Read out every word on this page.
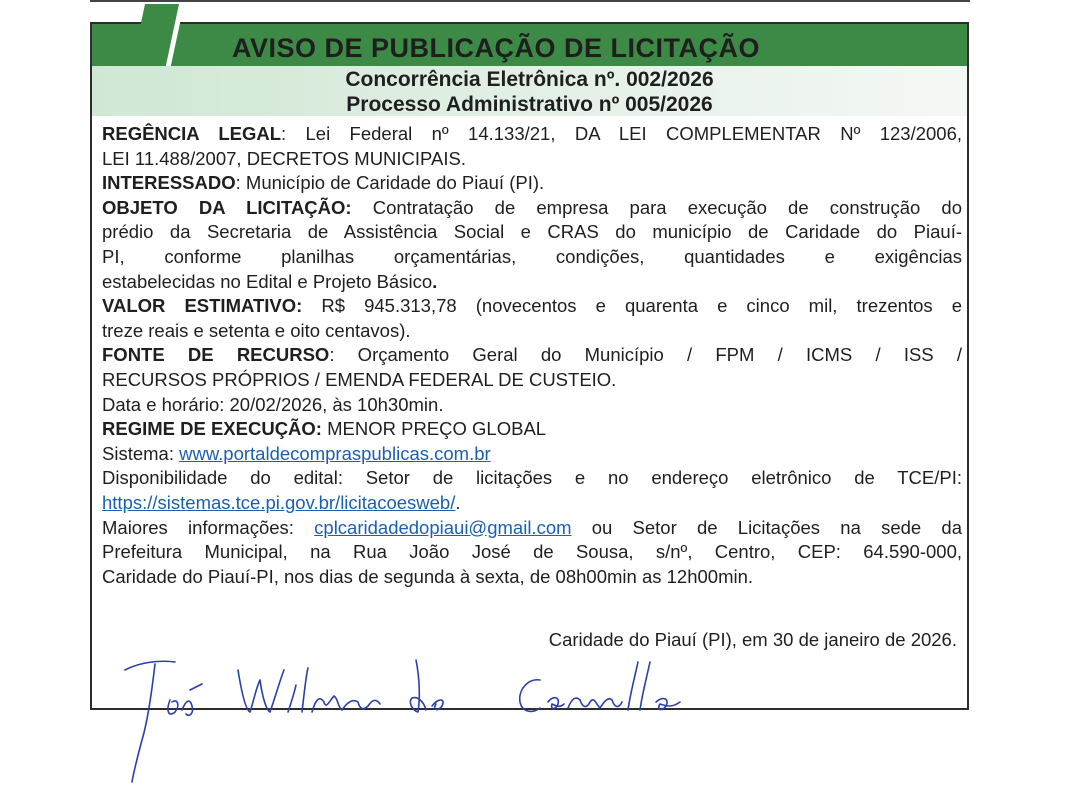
AVISO DE PUBLICAÇÃO DE LICITAÇÃO
Concorrência Eletrônica nº. 002/2026
Processo Administrativo nº 005/2026

REGÊNCIA LEGAL: Lei Federal nº 14.133/21, DA LEI COMPLEMENTAR Nº 123/2006,

LEI 11.488/2007, DECRETOS MUNICIPAIS.

INTERESSADO: Município de Caridade do Piauí (PI).

OBJETO DA LICITAÇÃO: Contratação de empresa para execução de construção do

prédio da Secretaria de Assistência Social e CRAS do município de Caridade do Piauí-

PI, conforme planilhas orçamentárias, condições, quantidades e exigências

estabelecidas no Edital e Projeto Básico.

VALOR ESTIMATIVO: R$ 945.313,78 (novecentos e quarenta e cinco mil, trezentos e

treze reais e setenta e oito centavos).

FONTE DE RECURSO: Orçamento Geral do Município / FPM / ICMS / ISS /

RECURSOS PRÓPRIOS / EMENDA FEDERAL DE CUSTEIO.

Data e horário: 20/02/2026, às 10h30min.

REGIME DE EXECUÇÃO: MENOR PREÇO GLOBAL

Sistema: www.portaldecompraspublicas.com.br

Disponibilidade do edital: Setor de licitações e no endereço eletrônico de TCE/PI:

https://sistemas.tce.pi.gov.br/licitacoesweb/.

Maiores informações: cplcaridadedopiaui@gmail.com ou Setor de Licitações na sede da

Prefeitura Municipal, na Rua João José de Sousa, s/nº, Centro, CEP: 64.590-000,

Caridade do Piauí-PI, nos dias de segunda à sexta, de 08h00min as 12h00min.

Caridade do Piauí (PI), em 30 de janeiro de 2026.
